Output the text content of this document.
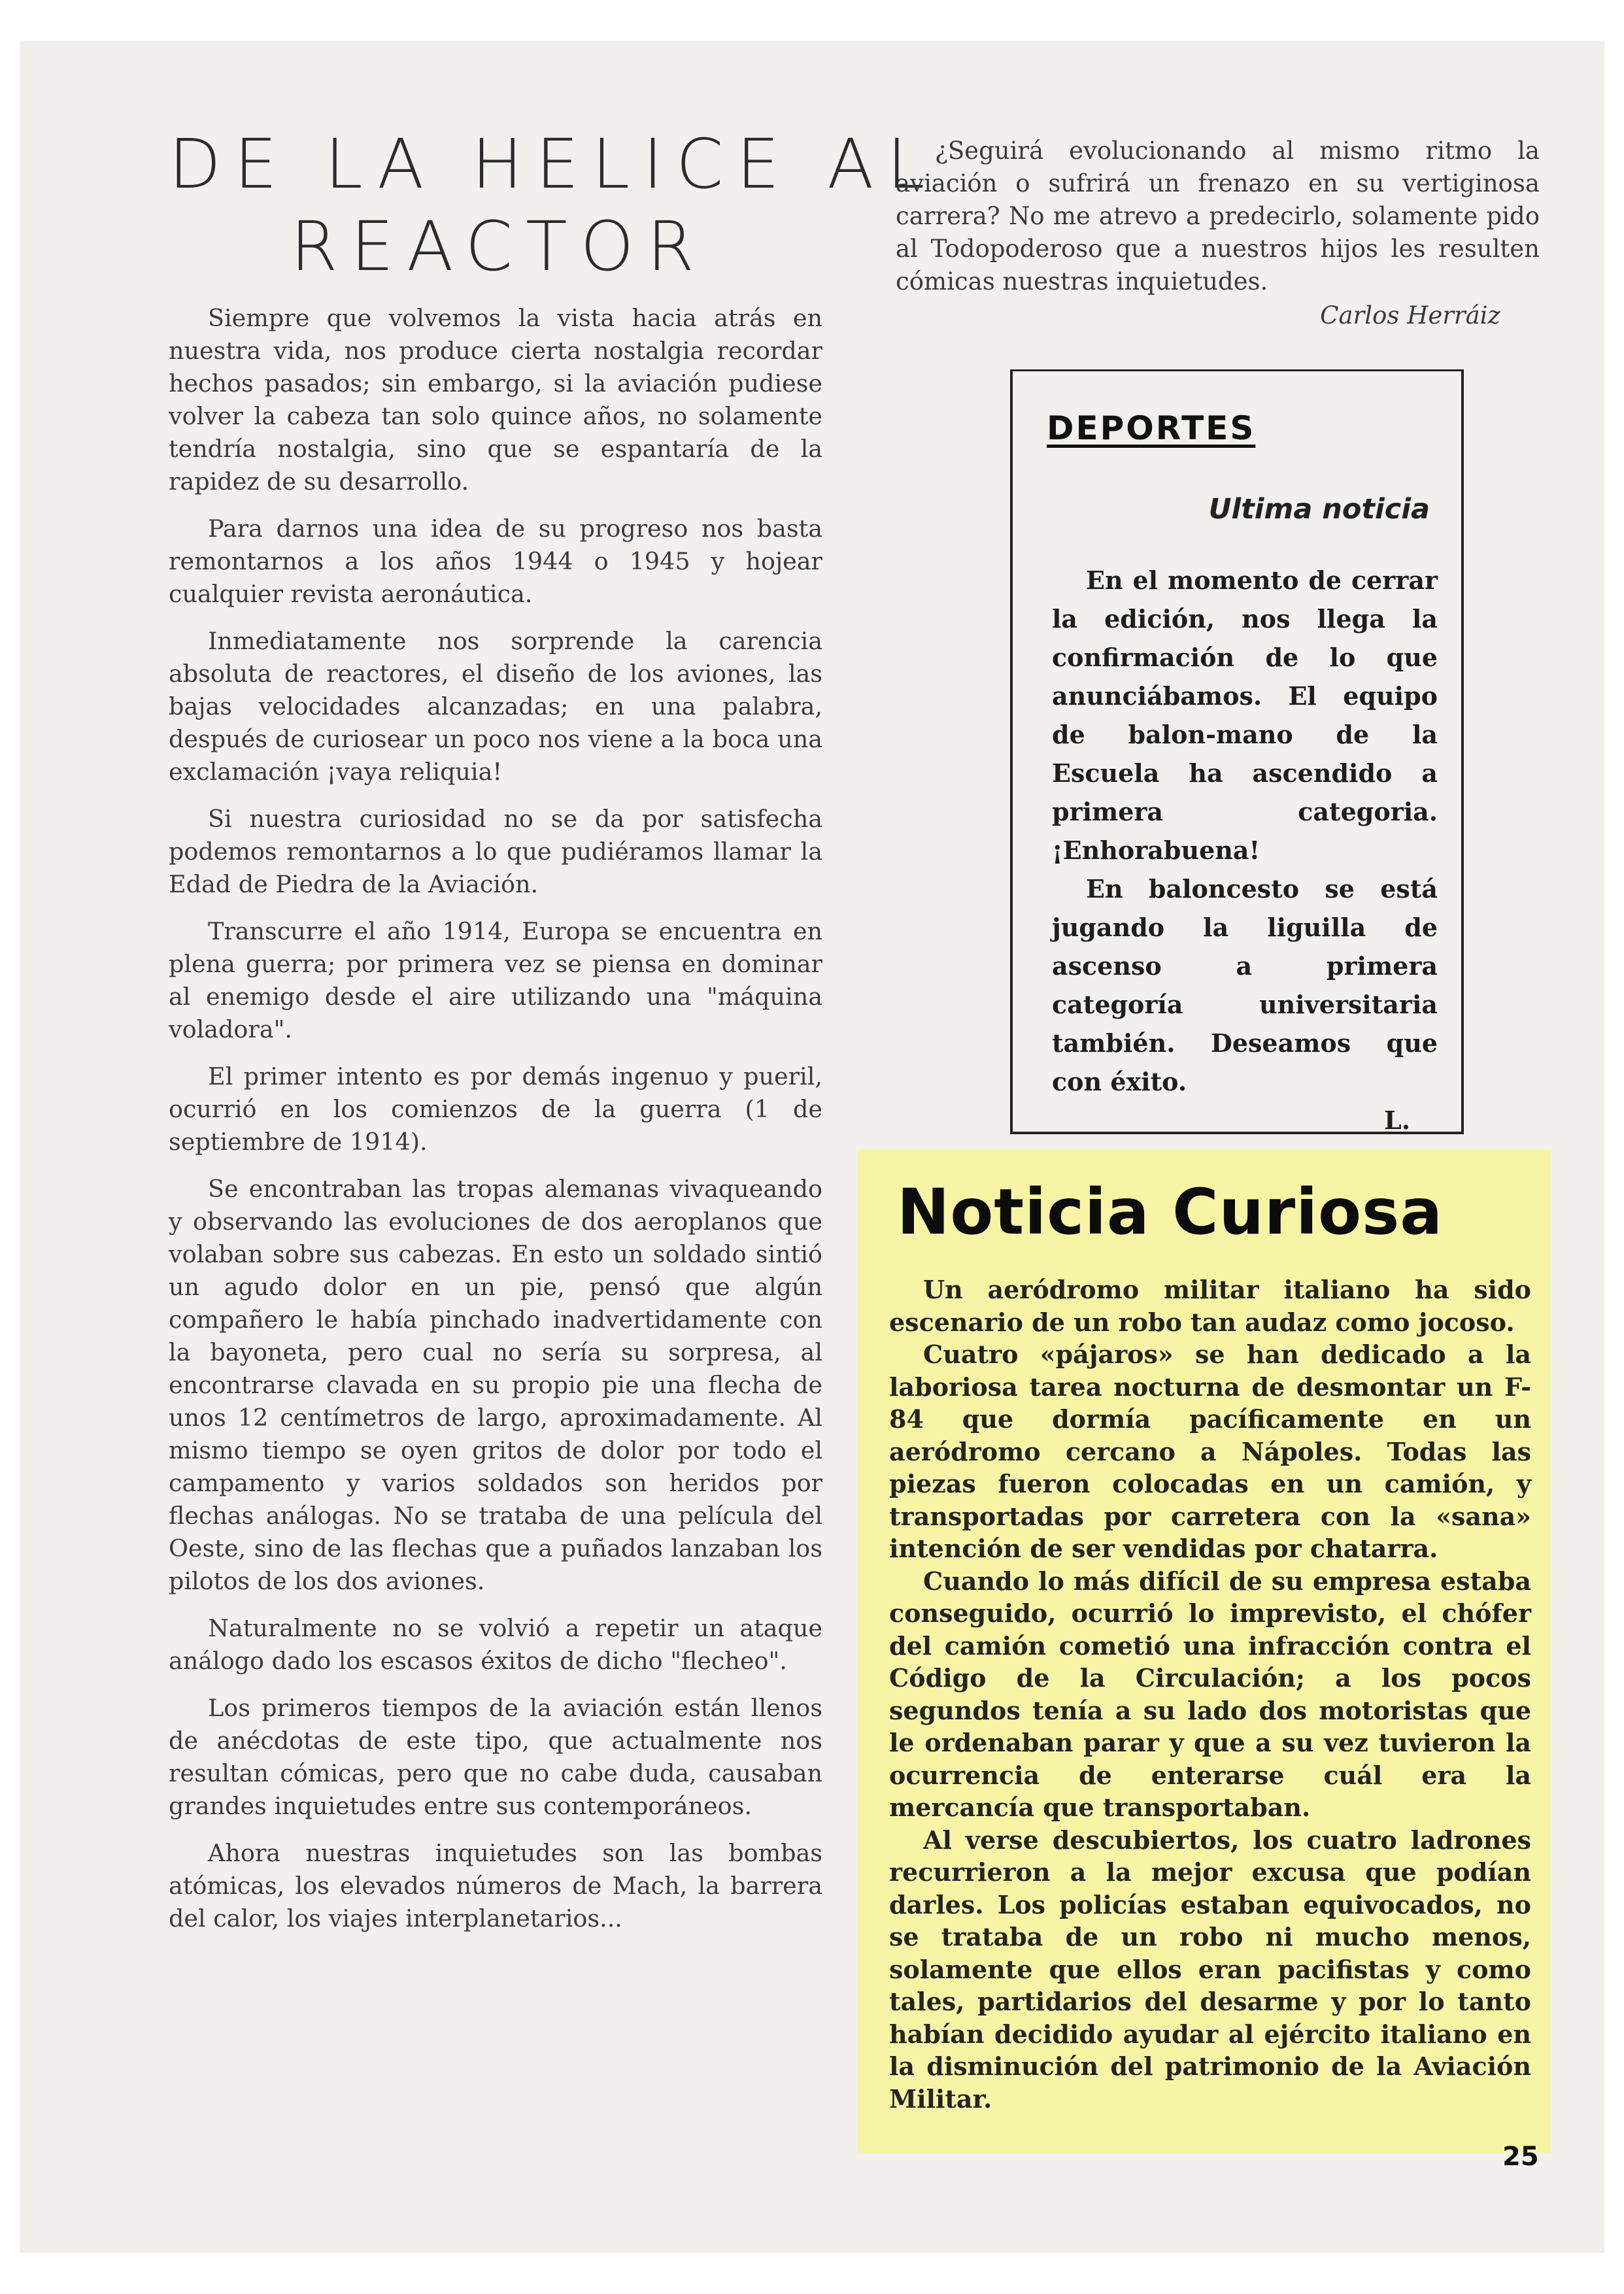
DE LA HELICE AL
REACTOR

Siempre que volvemos la vista hacia atrás en nuestra vida, nos produce cierta nostalgia recordar hechos pasados; sin embargo, si la aviación pudiese volver la cabeza tan solo quince años, no solamente tendría nostalgia, sino que se espantaría de la rapidez de su desarrollo.

Para darnos una idea de su progreso nos basta remontarnos a los años 1944 o 1945 y hojear cualquier revista aeronáutica.

Inmediatamente nos sorprende la carencia absoluta de reactores, el diseño de los aviones, las bajas velocidades alcanzadas; en una palabra, después de curiosear un poco nos viene a la boca una exclamación ¡vaya reliquia!

Si nuestra curiosidad no se da por satisfecha podemos remontarnos a lo que pudiéramos llamar la Edad de Piedra de la Aviación.

Transcurre el año 1914, Europa se encuentra en plena guerra; por primera vez se piensa en dominar al enemigo desde el aire utilizando una "máquina voladora".

El primer intento es por demás ingenuo y pueril, ocurrió en los comienzos de la guerra (1 de septiembre de 1914).

Se encontraban las tropas alemanas vivaqueando y observando las evoluciones de dos aeroplanos que volaban sobre sus cabezas. En esto un soldado sintió un agudo dolor en un pie, pensó que algún compañero le había pinchado inadvertidamente con la bayoneta, pero cual no sería su sorpresa, al encontrarse clavada en su propio pie una flecha de unos 12 centímetros de largo, aproximadamente. Al mismo tiempo se oyen gritos de dolor por todo el campamento y varios soldados son heridos por flechas análogas. No se trataba de una película del Oeste, sino de las flechas que a puñados lanzaban los pilotos de los dos aviones.

Naturalmente no se volvió a repetir un ataque análogo dado los escasos éxitos de dicho "flecheo".

Los primeros tiempos de la aviación están llenos de anécdotas de este tipo, que actualmente nos resultan cómicas, pero que no cabe duda, causaban grandes inquietudes entre sus contemporáneos.

Ahora nuestras inquietudes son las bombas atómicas, los elevados números de Mach, la barrera del calor, los viajes interplanetarios...

¿Seguirá evolucionando al mismo ritmo la aviación o sufrirá un frenazo en su vertiginosa carrera? No me atrevo a predecirlo, solamente pido al Todopoderoso que a nuestros hijos les resulten cómicas nuestras inquietudes.

Carlos Herráiz
DEPORTES
Ultima noticia

En el momento de cerrar la edición, nos llega la confirmación de lo que anunciábamos. El equipo de balon-mano de la Escuela ha ascendido a primera categoria. ¡Enhorabuena!

En baloncesto se está jugando la liguilla de ascenso a primera categoría universitaria también. Deseamos que con éxito.

L.
Noticia Curiosa

Un aeródromo militar italiano ha sido escenario de un robo tan audaz como jocoso.

Cuatro «pájaros» se han dedicado a la laboriosa tarea nocturna de desmontar un F-84 que dormía pacíficamente en un aeródromo cercano a Nápoles. Todas las piezas fueron colocadas en un camión, y transportadas por carretera con la «sana» intención de ser vendidas por chatarra.

Cuando lo más difícil de su empresa estaba conseguido, ocurrió lo imprevisto, el chófer del camión cometió una infracción contra el Código de la Circulación; a los pocos segundos tenía a su lado dos motoristas que le ordenaban parar y que a su vez tuvieron la ocurrencia de enterarse cuál era la mercancía que transportaban.

Al verse descubiertos, los cuatro ladrones recurrieron a la mejor excusa que podían darles. Los policías estaban equivocados, no se trataba de un robo ni mucho menos, solamente que ellos eran pacifistas y como tales, partidarios del desarme y por lo tanto habían decidido ayudar al ejército italiano en la disminución del patrimonio de la Aviación Militar.

25
